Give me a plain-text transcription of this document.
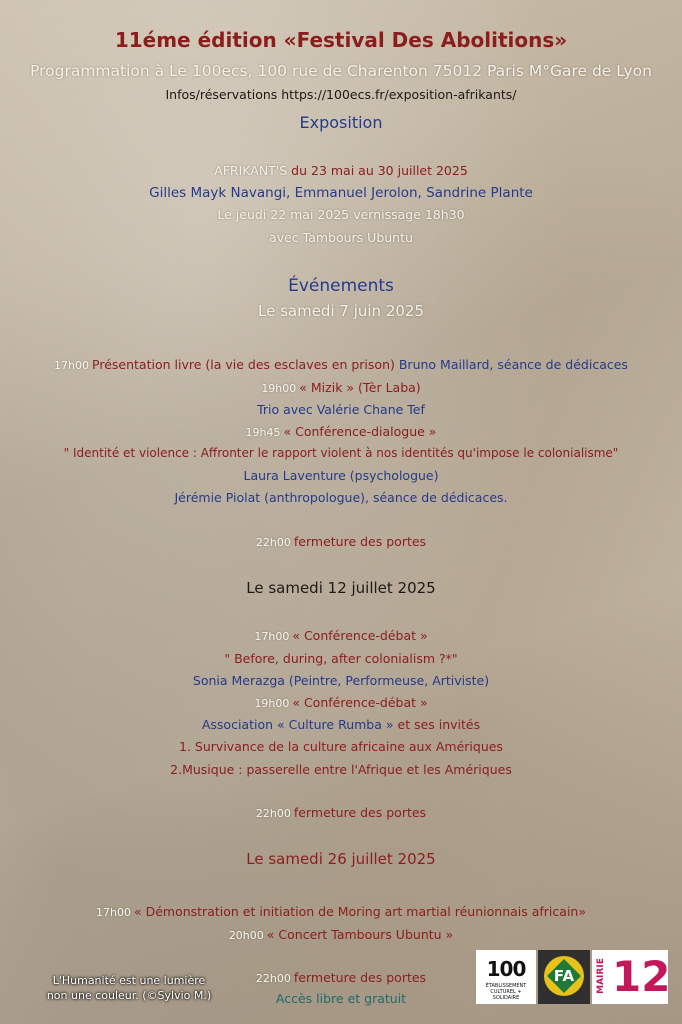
11éme édition «Festival Des Abolitions»
Programmation à Le 100ecs, 100 rue de Charenton 75012 Paris M°Gare de Lyon
Infos/réservations https://100ecs.fr/exposition-afrikants/
Exposition
AFRIKANT'S du 23 mai au 30 juillet 2025
Gilles Mayk Navangi, Emmanuel Jerolon, Sandrine Plante
Le jeudi 22 mai 2025 vernissage 18h30
avec Tambours Ubuntu
Événements
Le samedi 7 juin 2025
17h00 Présentation livre (la vie des esclaves en prison) Bruno Maillard, séance de dédicaces
19h00 « Mizik » (Tèr Laba)
Trio avec Valérie Chane Tef
19h45 « Conférence-dialogue »
" Identité et violence : Affronter le rapport violent à nos identités qu'impose le colonialisme"
Laura Laventure (psychologue)
Jérémie Piolat (anthropologue), séance de dédicaces.
22h00 fermeture des portes
Le samedi 12 juillet 2025
17h00 « Conférence-débat »
" Before, during, after colonialism ?*"
Sonia Merazga (Peintre, Performeuse, Artiviste)
19h00 « Conférence-débat »
Association « Culture Rumba » et ses invités
1. Survivance de la culture africaine aux Amériques
2.Musique : passerelle entre l'Afrique et les Amériques
22h00 fermeture des portes
Le samedi 26 juillet 2025
17h00 « Démonstration et initiation de Moring art martial réunionnais africain»
20h00 « Concert Tambours Ubuntu »
22h00 fermeture des portes
Accès libre et gratuit
L'Humanité est une lumière
non une couleur. (©Sylvio M.)
100
ÉTABLISSEMENT CULTUREL + SOLIDAIRE
FA	MAIRIE 12
